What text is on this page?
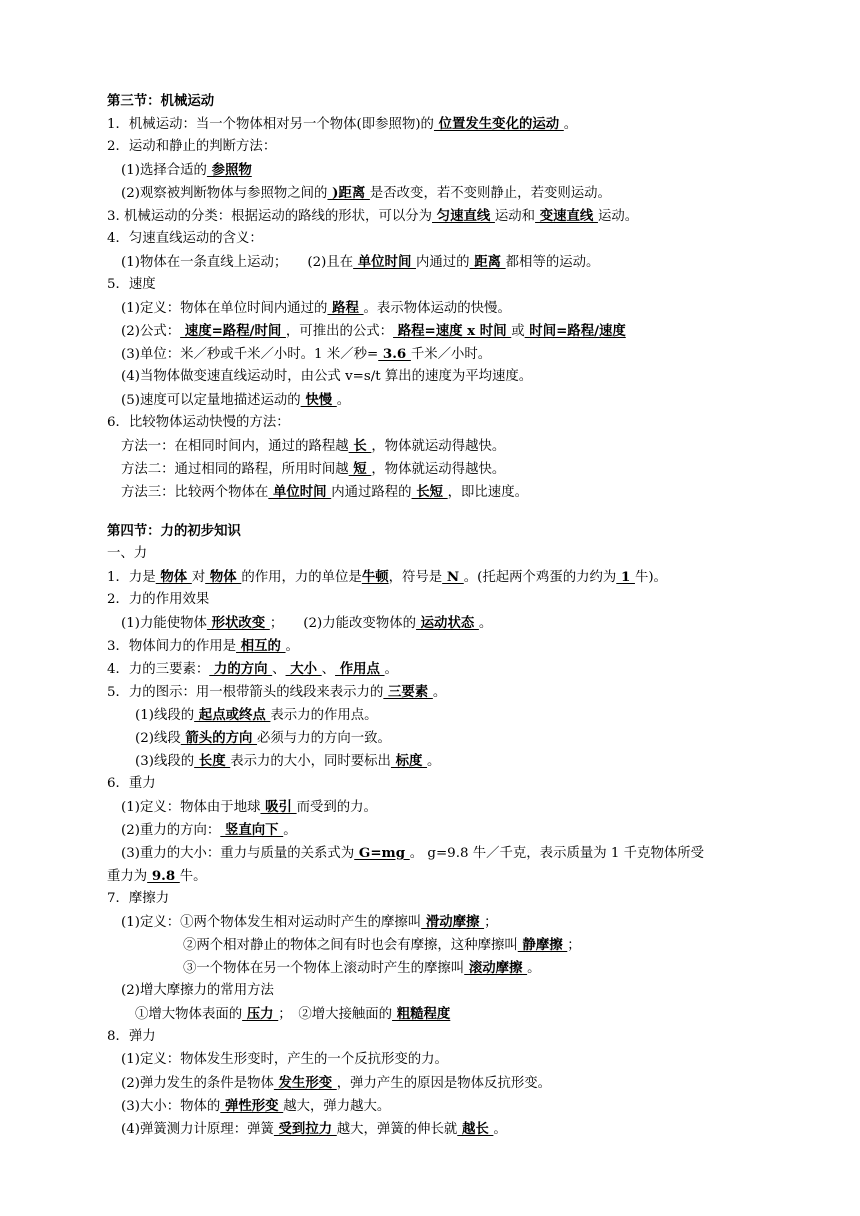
第三节：机械运动
1．机械运动：当一个物体相对另一个物体(即参照物)的 位置发生变化的运动 。
2．运动和静止的判断方法：
(1)选择合适的 参照物
(2)观察被判断物体与参照物之间的 )距离 是否改变，若不变则静止，若变则运动。
3. 机械运动的分类：根据运动的路线的形状，可以分为 匀速直线 运动和 变速直线 运动。
4．匀速直线运动的含义：
(1)物体在一条直线上运动；　　(2)且在 单位时间 内通过的 距离 都相等的运动。
5．速度
(1)定义：物体在单位时间内通过的 路程 。表示物体运动的快慢。
(2)公式： 速度=路程/时间 ，可推出的公式： 路程=速度 x 时间 或 时间=路程/速度
(3)单位：米／秒或千米／小时。1 米／秒= 3.6 千米／小时。
(4)当物体做变速直线运动时，由公式 v=s/t 算出的速度为平均速度。
(5)速度可以定量地描述运动的 快慢 。
6．比较物体运动快慢的方法：
方法一：在相同时间内，通过的路程越 长 ，物体就运动得越快。
方法二：通过相同的路程，所用时间越 短 ，物体就运动得越快。
方法三：比较两个物体在 单位时间 内通过路程的 长短 ，即比速度。
第四节：力的初步知识
一、力
1．力是 物体 对 物体 的作用，力的单位是牛顿，符号是 N 。(托起两个鸡蛋的力约为 1 牛)。
2．力的作用效果
(1)力能使物体 形状改变 ；　　(2)力能改变物体的 运动状态 。
3．物体间力的作用是 相互的 。
4．力的三要素： 力的方向 、 大小 、 作用点 。
5．力的图示：用一根带箭头的线段来表示力的 三要素 。
(1)线段的 起点或终点 表示力的作用点。
(2)线段 箭头的方向 必须与力的方向一致。
(3)线段的 长度 表示力的大小，同时要标出 标度 。
6．重力
(1)定义：物体由于地球 吸引 而受到的力。
(2)重力的方向： 竖直向下 。
(3)重力的大小：重力与质量的关系式为 G=mg 。 g=9.8 牛／千克，表示质量为 1 千克物体所受
重力为 9.8 牛。
7．摩擦力
(1)定义：①两个物体发生相对运动时产生的摩擦叫 滑动摩擦 ；
②两个相对静止的物体之间有时也会有摩擦，这种摩擦叫 静摩擦 ；
③一个物体在另一个物体上滚动时产生的摩擦叫 滚动摩擦 。
(2)增大摩擦力的常用方法
①增大物体表面的 压力 ；　②增大接触面的 粗糙程度
8．弹力
(1)定义：物体发生形变时，产生的一个反抗形变的力。
(2)弹力发生的条件是物体 发生形变 ，弹力产生的原因是物体反抗形变。
(3)大小：物体的 弹性形变 越大，弹力越大。
(4)弹簧测力计原理：弹簧 受到拉力 越大，弹簧的伸长就 越长 。
